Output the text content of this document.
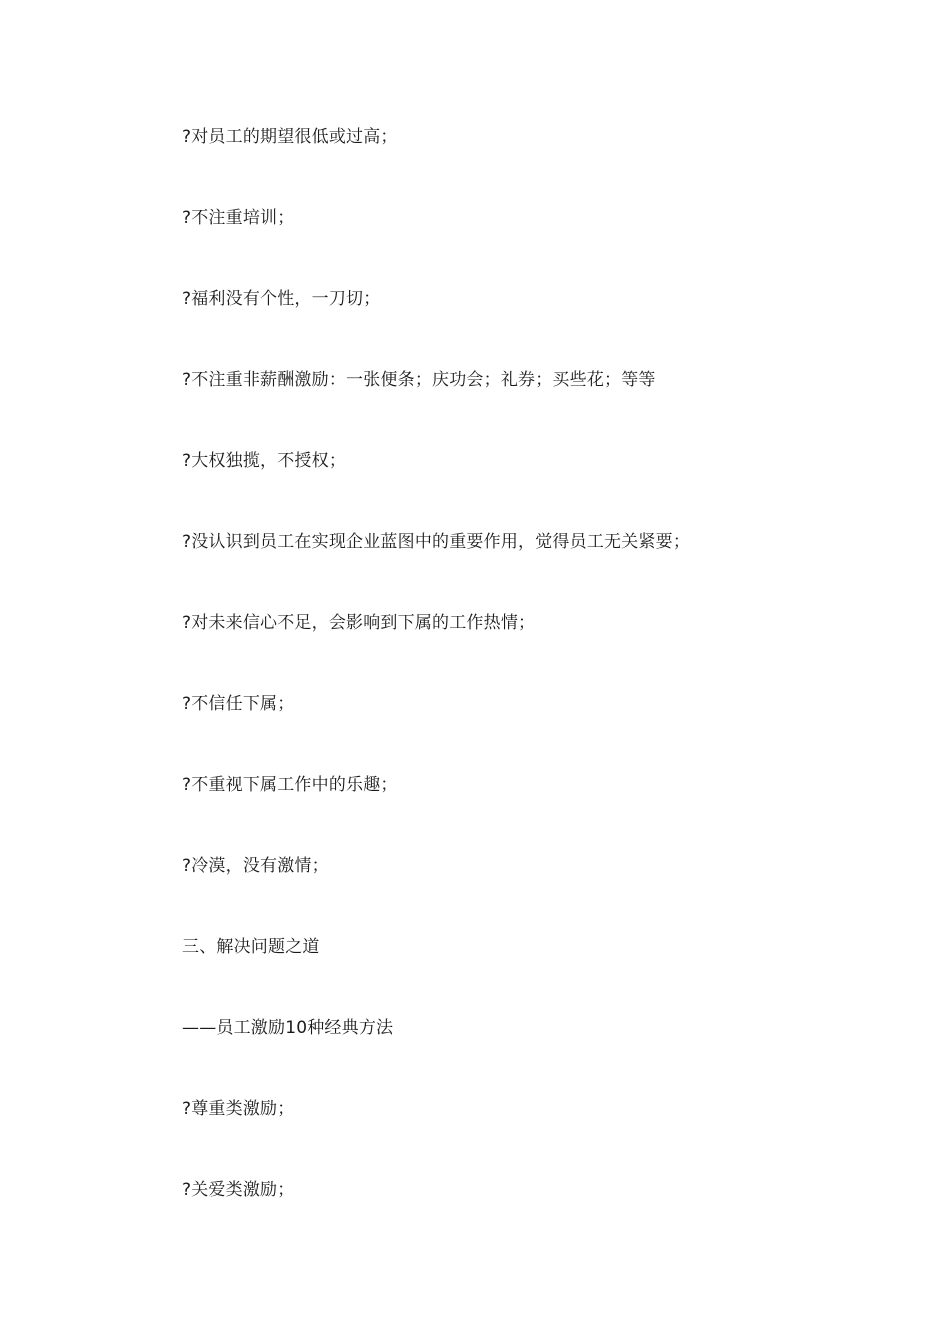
?对员工的期望很低或过高；
?不注重培训；
?福利没有个性，一刀切；
?不注重非薪酬激励：一张便条；庆功会；礼券；买些花；等等
?大权独揽，不授权；
?没认识到员工在实现企业蓝图中的重要作用，觉得员工无关紧要；
?对未来信心不足，会影响到下属的工作热情；
?不信任下属；
?不重视下属工作中的乐趣；
?冷漠，没有激情；
三、解决问题之道
——员工激励10种经典方法
?尊重类激励；
?关爱类激励；
